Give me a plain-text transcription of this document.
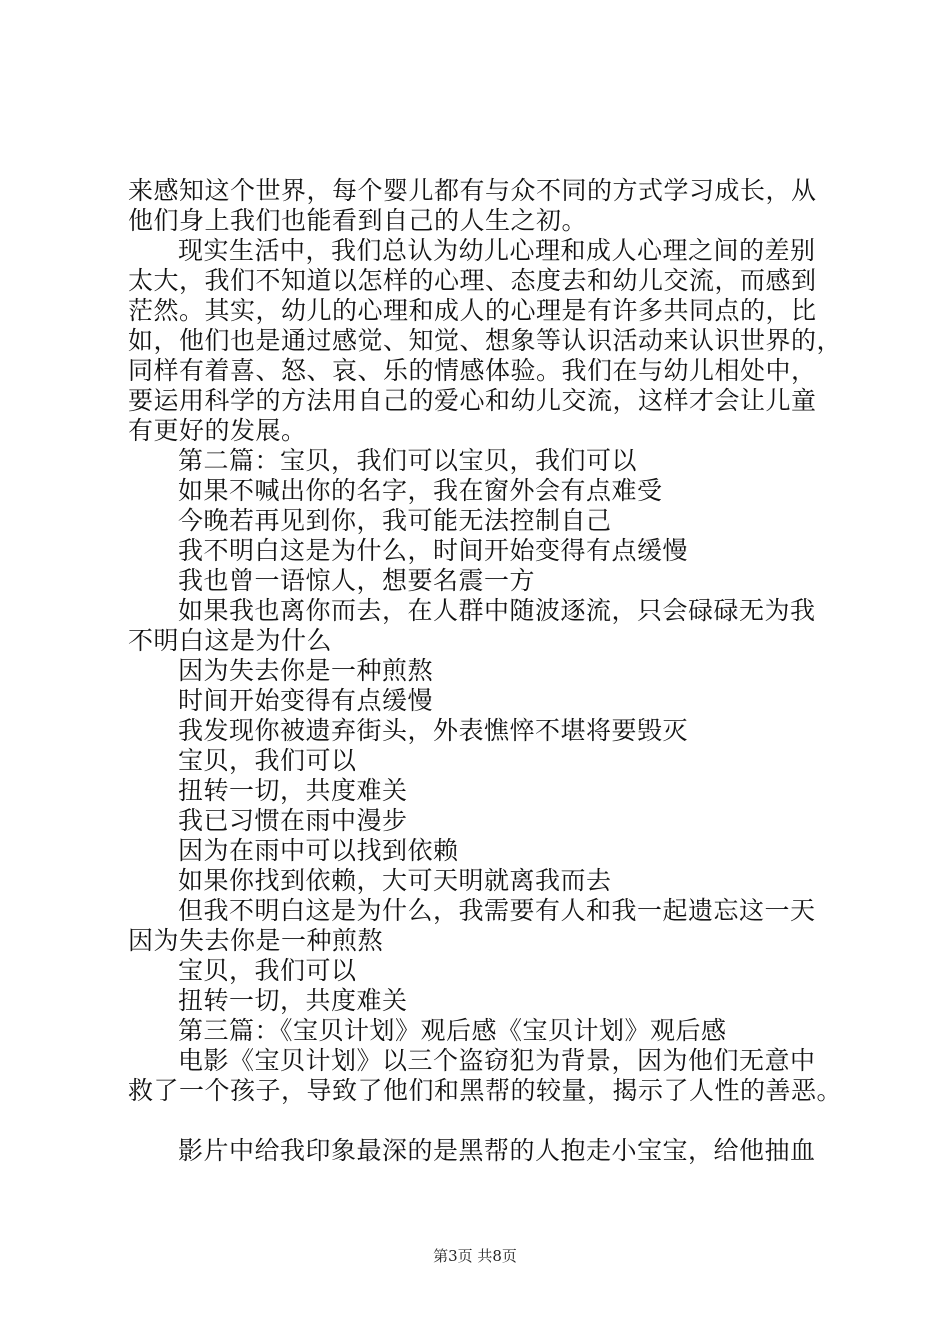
来感知这个世界，每个婴儿都有与众不同的方式学习成长，从
他们身上我们也能看到自己的人生之初。
现实生活中，我们总认为幼儿心理和成人心理之间的差别
太大，我们不知道以怎样的心理、态度去和幼儿交流，而感到
茫然。其实，幼儿的心理和成人的心理是有许多共同点的，比
如，他们也是通过感觉、知觉、想象等认识活动来认识世界的，
同样有着喜、怒、哀、乐的情感体验。我们在与幼儿相处中，
要运用科学的方法用自己的爱心和幼儿交流，这样才会让儿童
有更好的发展。
第二篇：宝贝，我们可以宝贝，我们可以
如果不喊出你的名字，我在窗外会有点难受
今晚若再见到你，我可能无法控制自己
我不明白这是为什么，时间开始变得有点缓慢
我也曾一语惊人，想要名震一方
如果我也离你而去，在人群中随波逐流，只会碌碌无为我
不明白这是为什么
因为失去你是一种煎熬
时间开始变得有点缓慢
我发现你被遗弃街头，外表憔悴不堪将要毁灭
宝贝，我们可以
扭转一切，共度难关
我已习惯在雨中漫步
因为在雨中可以找到依赖
如果你找到依赖，大可天明就离我而去
但我不明白这是为什么，我需要有人和我一起遗忘这一天
因为失去你是一种煎熬
宝贝，我们可以
扭转一切，共度难关
第三篇：《宝贝计划》观后感《宝贝计划》观后感
电影《宝贝计划》以三个盗窃犯为背景，因为他们无意中
救了一个孩子，导致了他们和黑帮的较量，揭示了人性的善恶。
影片中给我印象最深的是黑帮的人抱走小宝宝，给他抽血
第3页 共8页
